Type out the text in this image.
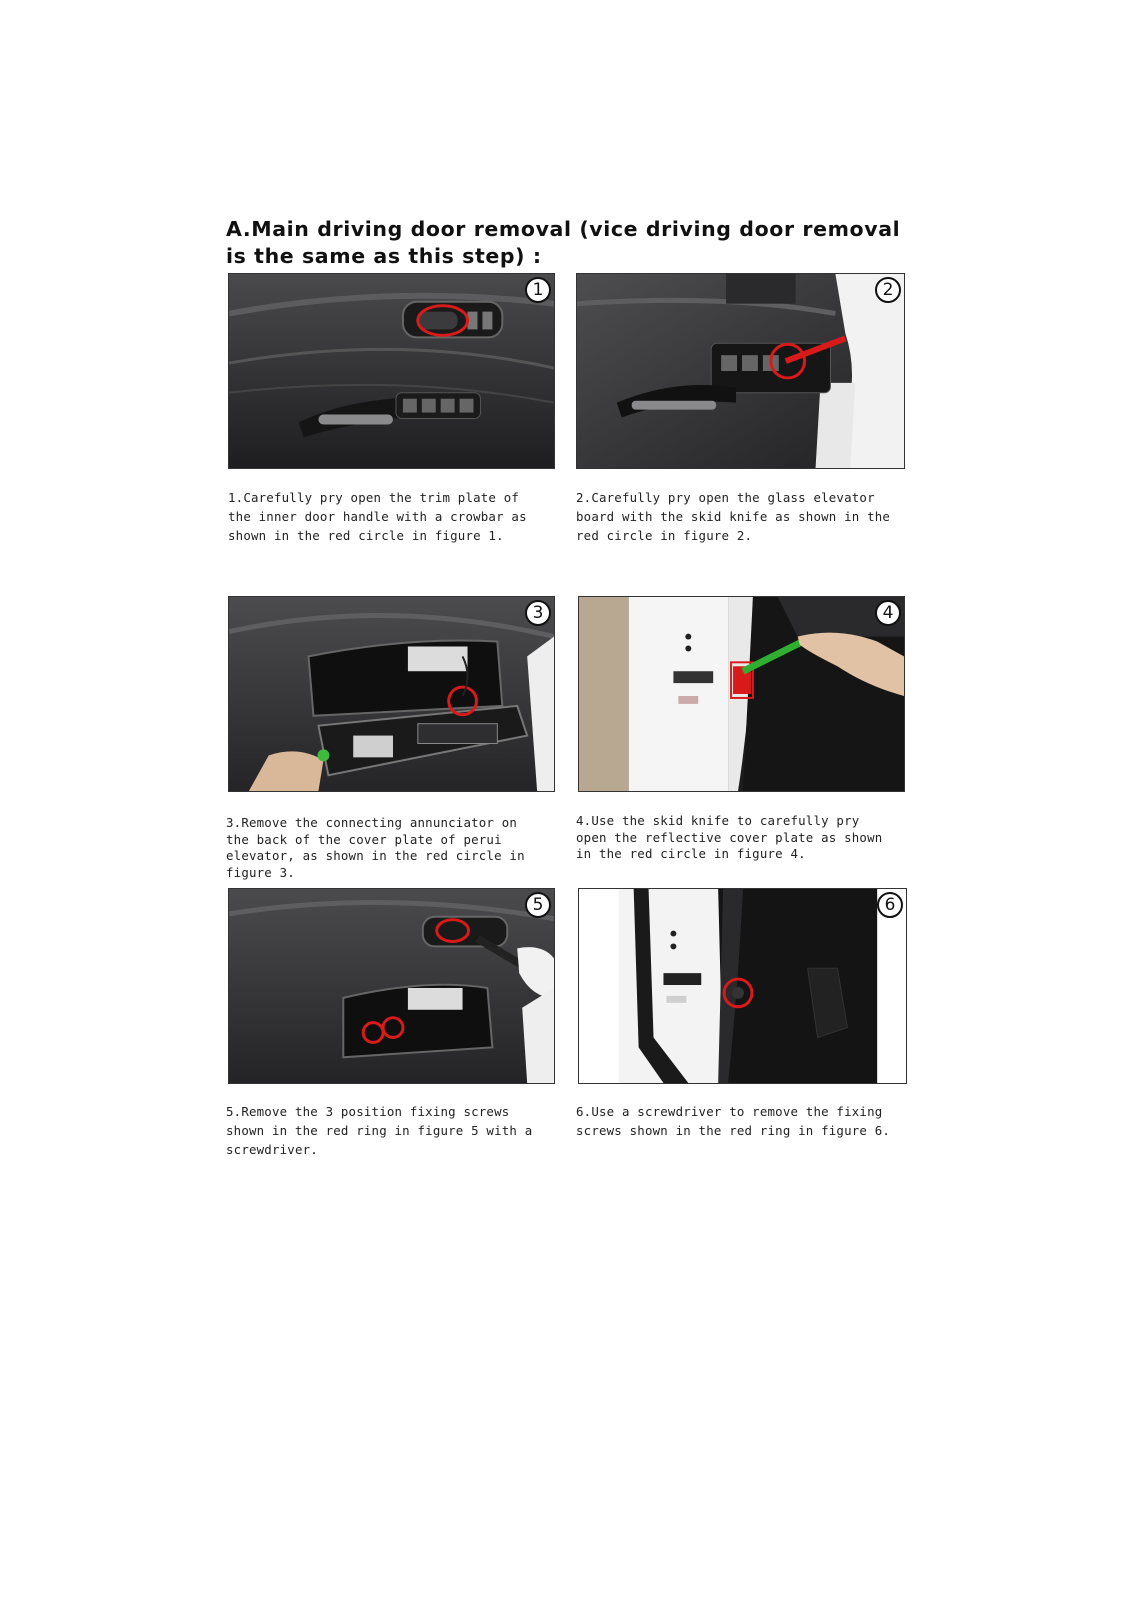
A.Main driving door removal (vice driving door removal is the same as this step) :
1

1.Carefully pry open the trim plate of the inner door handle with a crowbar as shown in the red circle in figure 1.

2

2.Carefully pry open the glass elevator board with the skid knife as shown in the red circle in figure 2.

3

3.Remove the connecting annunciator on the back of the cover plate of perui elevator, as shown in the red circle in figure 3.

4

4.Use the skid knife to carefully pry open the reflective cover plate as shown in the red circle in figure 4.

5

5.Remove the 3 position fixing screws shown in the red ring in figure 5 with a screwdriver.

6

6.Use a screwdriver to remove the fixing screws shown in the red ring in figure 6.
